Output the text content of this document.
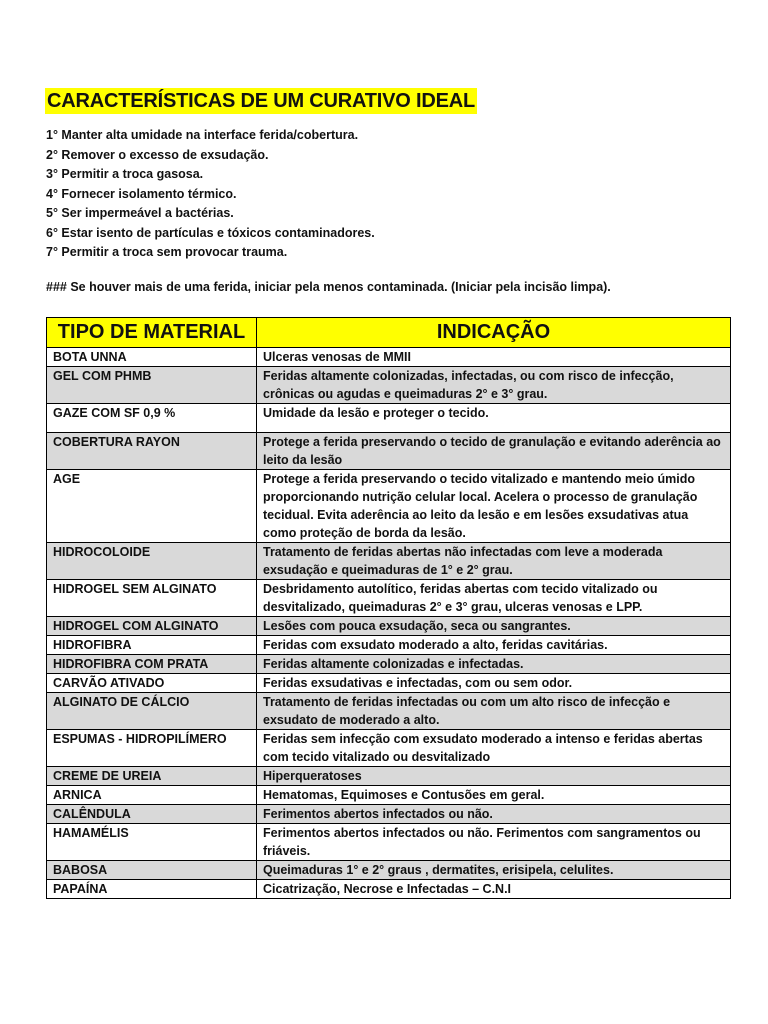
CARACTERÍSTICAS DE UM CURATIVO IDEAL
1° Manter alta umidade na interface ferida/cobertura.
2° Remover o excesso de exsudação.
3° Permitir a troca gasosa.
4° Fornecer isolamento térmico.
5° Ser impermeável a bactérias.
6° Estar isento de partículas e tóxicos contaminadores.
7° Permitir a troca sem provocar trauma.
### Se houver mais de uma ferida, iniciar pela menos contaminada. (Iniciar pela incisão limpa).
TIPO DE MATERIAL	INDICAÇÃO
BOTA UNNA	Ulceras venosas de MMII
GEL COM PHMB	Feridas altamente colonizadas, infectadas, ou com risco de infecção, crônicas ou agudas e queimaduras 2° e 3° grau.
GAZE COM SF 0,9 %	Umidade da lesão e proteger o tecido.
COBERTURA RAYON	Protege a ferida preservando o tecido de granulação e evitando aderência ao leito da lesão
AGE	Protege a ferida preservando o tecido vitalizado e mantendo meio úmido proporcionando nutrição celular local. Acelera o processo de granulação tecidual. Evita aderência ao leito da lesão e em lesões exsudativas atua como proteção de borda da lesão.
HIDROCOLOIDE	Tratamento de feridas abertas não infectadas com leve a moderada exsudação e queimaduras de 1° e 2° grau.
HIDROGEL SEM ALGINATO	Desbridamento autolítico, feridas abertas com tecido vitalizado ou desvitalizado, queimaduras 2° e 3° grau, ulceras venosas e LPP.
HIDROGEL COM ALGINATO	Lesões com pouca exsudação, seca ou sangrantes.
HIDROFIBRA	Feridas com exsudato moderado a alto, feridas cavitárias.
HIDROFIBRA COM PRATA	Feridas altamente colonizadas e infectadas.
CARVÃO ATIVADO	Feridas exsudativas e infectadas, com ou sem odor.
ALGINATO DE CÁLCIO	Tratamento de feridas infectadas ou com um alto risco de infecção e exsudato de moderado a alto.
ESPUMAS - HIDROPILÍMERO	Feridas sem infecção com exsudato moderado a intenso e feridas abertas com tecido vitalizado ou desvitalizado
CREME DE UREIA	Hiperqueratoses
ARNICA	Hematomas, Equimoses e Contusões em geral.
CALÊNDULA	Ferimentos abertos infectados ou não.
HAMAMÉLIS	Ferimentos abertos infectados ou não. Ferimentos com sangramentos ou friáveis.
BABOSA	Queimaduras 1° e 2° graus , dermatites, erisipela, celulites.
PAPAÍNA	Cicatrização, Necrose e Infectadas – C.N.I
